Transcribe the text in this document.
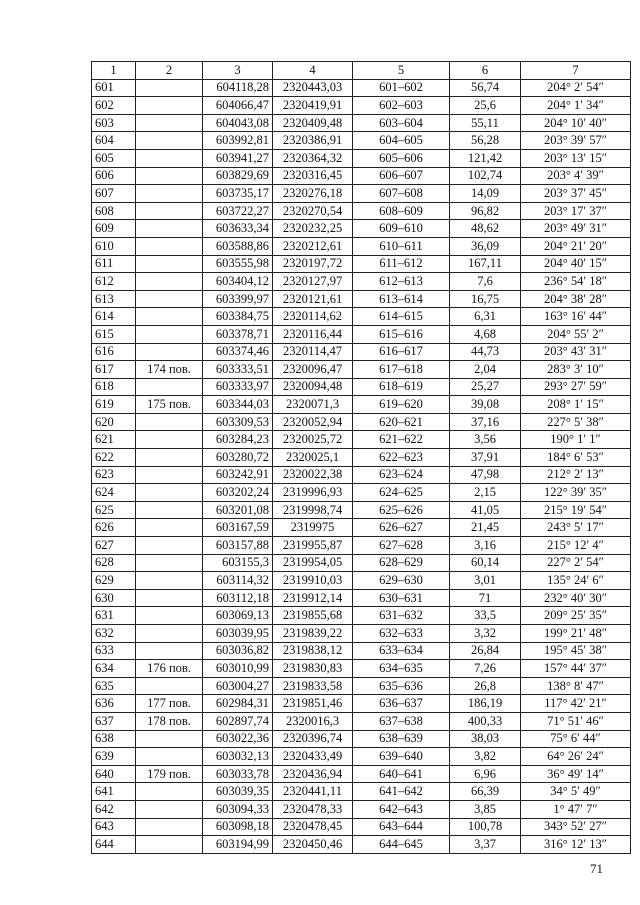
1	2	3	4	5	6	7
601		604118,28	2320443,03	601–602	56,74	204° 2′ 54″
602		604066,47	2320419,91	602–603	25,6	204° 1′ 34″
603		604043,08	2320409,48	603–604	55,11	204° 10′ 40″
604		603992,81	2320386,91	604–605	56,28	203° 39′ 57″
605		603941,27	2320364,32	605–606	121,42	203° 13′ 15″
606		603829,69	2320316,45	606–607	102,74	203° 4′ 39″
607		603735,17	2320276,18	607–608	14,09	203° 37′ 45″
608		603722,27	2320270,54	608–609	96,82	203° 17′ 37″
609		603633,34	2320232,25	609–610	48,62	203° 49′ 31″
610		603588,86	2320212,61	610–611	36,09	204° 21′ 20″
611		603555,98	2320197,72	611–612	167,11	204° 40′ 15″
612		603404,12	2320127,97	612–613	7,6	236° 54′ 18″
613		603399,97	2320121,61	613–614	16,75	204° 38′ 28″
614		603384,75	2320114,62	614–615	6,31	163° 16′ 44″
615		603378,71	2320116,44	615–616	4,68	204° 55′ 2″
616		603374,46	2320114,47	616–617	44,73	203° 43′ 31″
617	174 пов.	603333,51	2320096,47	617–618	2,04	283° 3′ 10″
618		603333,97	2320094,48	618–619	25,27	293° 27′ 59″
619	175 пов.	603344,03	2320071,3	619–620	39,08	208° 1′ 15″
620		603309,53	2320052,94	620–621	37,16	227° 5′ 38″
621		603284,23	2320025,72	621–622	3,56	190° 1′ 1″
622		603280,72	2320025,1	622–623	37,91	184° 6′ 53″
623		603242,91	2320022,38	623–624	47,98	212° 2′ 13″
624		603202,24	2319996,93	624–625	2,15	122° 39′ 35″
625		603201,08	2319998,74	625–626	41,05	215° 19′ 54″
626		603167,59	2319975	626–627	21,45	243° 5′ 17″
627		603157,88	2319955,87	627–628	3,16	215° 12′ 4″
628		603155,3	2319954,05	628–629	60,14	227° 2′ 54″
629		603114,32	2319910,03	629–630	3,01	135° 24′ 6″
630		603112,18	2319912,14	630–631	71	232° 40′ 30″
631		603069,13	2319855,68	631–632	33,5	209° 25′ 35″
632		603039,95	2319839,22	632–633	3,32	199° 21′ 48″
633		603036,82	2319838,12	633–634	26,84	195° 45′ 38″
634	176 пов.	603010,99	2319830,83	634–635	7,26	157° 44′ 37″
635		603004,27	2319833,58	635–636	26,8	138° 8′ 47″
636	177 пов.	602984,31	2319851,46	636–637	186,19	117° 42′ 21″
637	178 пов.	602897,74	2320016,3	637–638	400,33	71° 51′ 46″
638		603022,36	2320396,74	638–639	38,03	75° 6′ 44″
639		603032,13	2320433,49	639–640	3,82	64° 26′ 24″
640	179 пов.	603033,78	2320436,94	640–641	6,96	36° 49′ 14″
641		603039,35	2320441,11	641–642	66,39	34° 5′ 49″
642		603094,33	2320478,33	642–643	3,85	1° 47′ 7″
643		603098,18	2320478,45	643–644	100,78	343° 52′ 27″
644		603194,99	2320450,46	644–645	3,37	316° 12′ 13″
71
